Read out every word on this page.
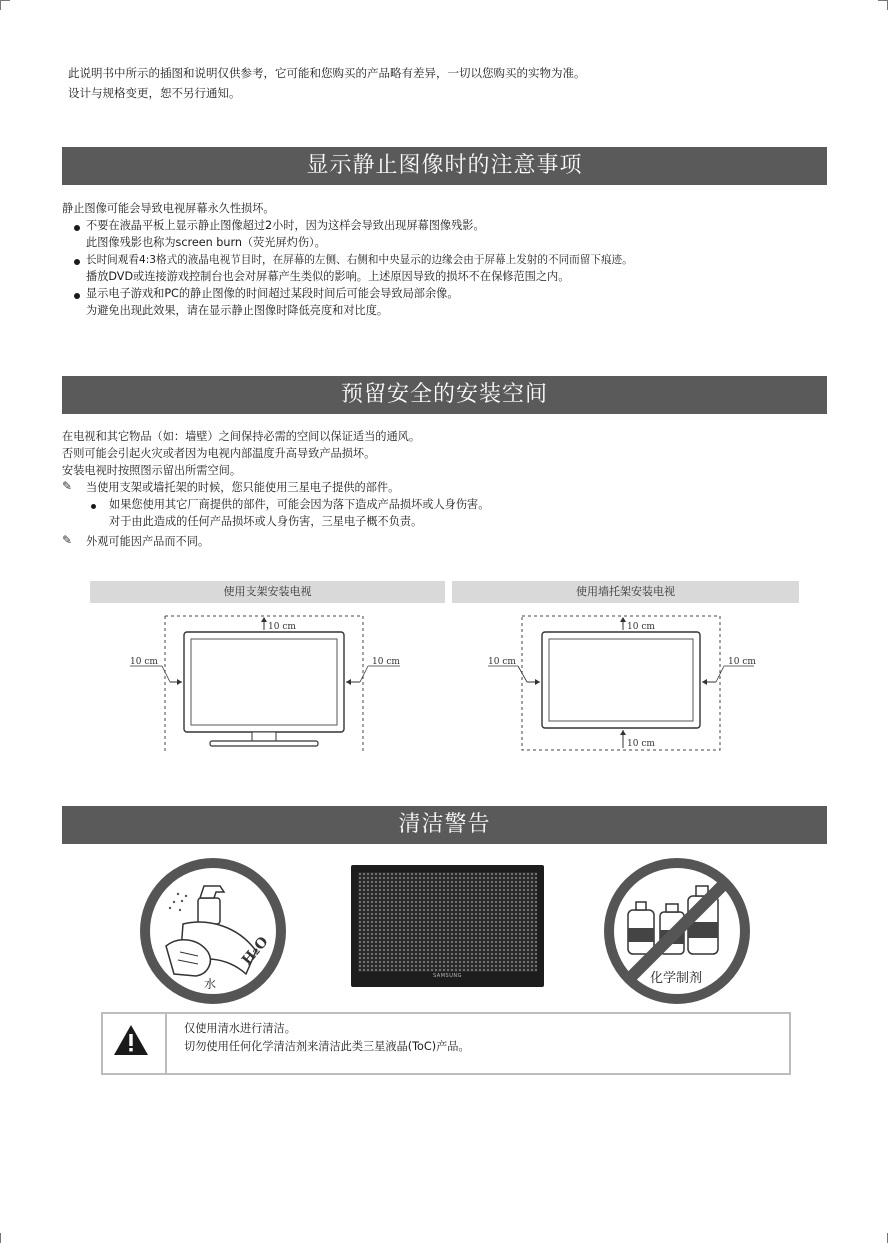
此说明书中所示的插图和说明仅供参考，它可能和您购买的产品略有差异，一切以您购买的实物为准。
设计与规格变更，恕不另行通知。
显示静止图像时的注意事项
静止图像可能会导致电视屏幕永久性损坏。
不要在液晶平板上显示静止图像超过2小时，因为这样会导致出现屏幕图像残影。
此图像残影也称为screen burn（荧光屏灼伤）。
长时间观看4:3格式的液晶电视节目时，在屏幕的左侧、右侧和中央显示的边缘会由于屏幕上发射的不同而留下痕迹。
播放DVD或连接游戏控制台也会对屏幕产生类似的影响。上述原因导致的损坏不在保修范围之内。
显示电子游戏和PC的静止图像的时间超过某段时间后可能会导致局部余像。
为避免出现此效果，请在显示静止图像时降低亮度和对比度。
预留安全的安装空间
在电视和其它物品（如：墙壁）之间保持必需的空间以保证适当的通风。
否则可能会引起火灾或者因为电视内部温度升高导致产品损坏。
安装电视时按照图示留出所需空间。
✎ 当使用支架或墙托架的时候，您只能使用三星电子提供的部件。
如果您使用其它厂商提供的部件，可能会因为落下造成产品损坏或人身伤害。
对于由此造成的任何产品损坏或人身伤害，三星电子概不负责。
✎ 外观可能因产品而不同。
使用支架安装电视	使用墙托架安装电视
10 cm
10 cm	10 cm
10 cm
10 cm
10 cm	10 cm
清洁警告
水
H₂O
SAMSUNG	化学制剂
仅使用清水进行清洁。
切勿使用任何化学清洁剂来清洁此类三星液晶(ToC)产品。
